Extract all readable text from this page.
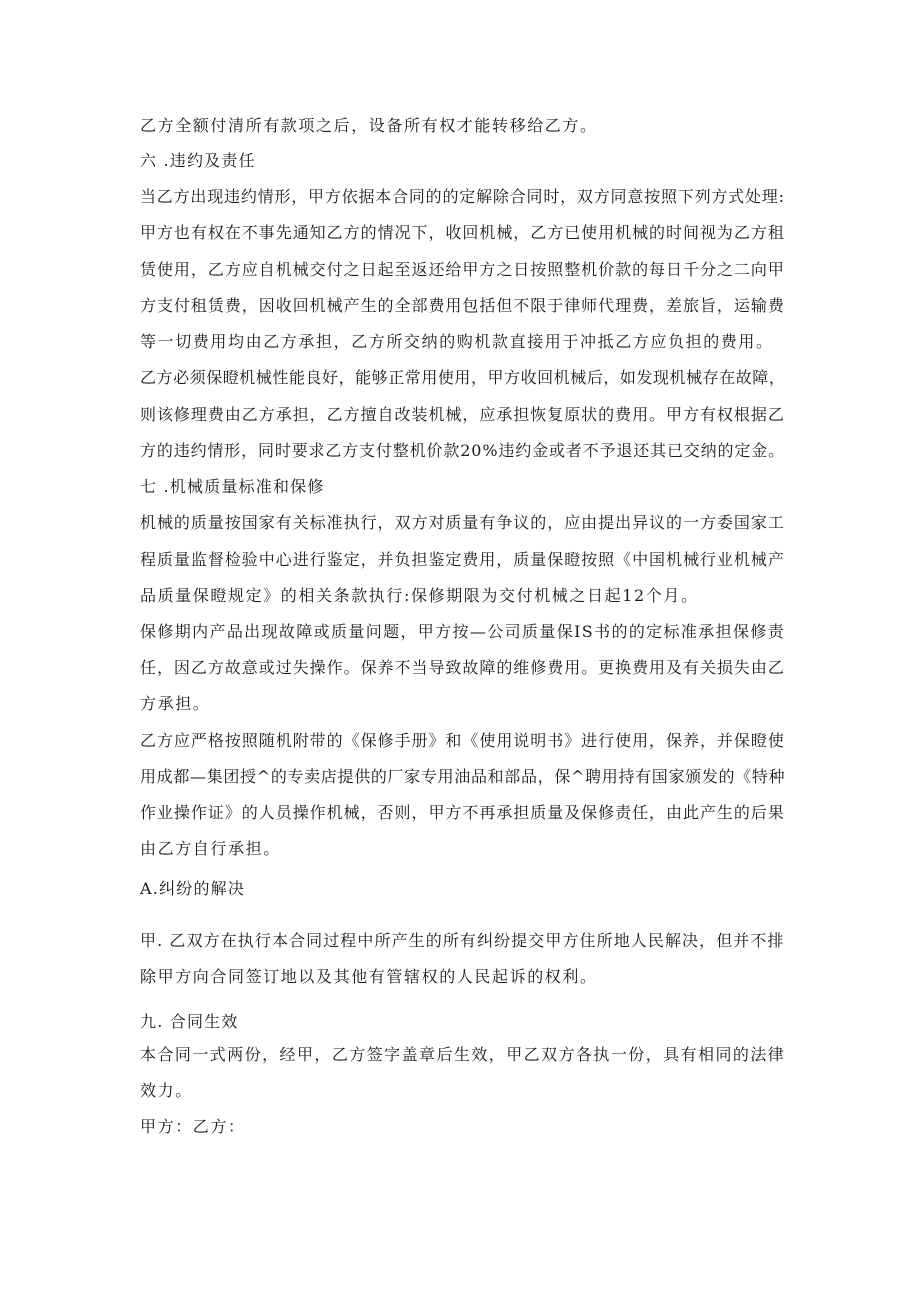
乙方全额付清所有款项之后，设备所有权才能转移给乙方。
六 .违约及责任
当乙方出现违约情形，甲方依据本合同的的定解除合同时，双方同意按照下列方式处理:
甲方也有权在不事先通知乙方的情况下，收回机械，乙方已使用机械的时间视为乙方租
赁使用，乙方应自机械交付之日起至返还给甲方之日按照整机价款的每日千分之二向甲
方支付租赁费，因收回机械产生的全部费用包括但不限于律师代理费，差旅旨，运输费
等一切费用均由乙方承担，乙方所交纳的购机款直接用于冲抵乙方应负担的费用。
乙方必须保瞪机械性能良好，能够正常用使用，甲方收回机械后，如发现机械存在故障，
则该修理费由乙方承担，乙方擅自改装机械，应承担恢复原状的费用。甲方有权根据乙
方的违约情形，同时要求乙方支付整机价款20%违约金或者不予退还其已交纳的定金。
七 .机械质量标准和保修
机械的质量按国家有关标准执行，双方对质量有争议的，应由提出异议的一方委国家工
程质量监督检验中心进行鉴定，并负担鉴定费用，质量保瞪按照《中国机械行业机械产
品质量保瞪规定》的相关条款执行:保修期限为交付机械之日起12个月。
保修期内产品出现故障或质量问题，甲方按—公司质量保IS书的的定标准承担保修责
任，因乙方故意或过失操作。保养不当导致故障的维修费用。更换费用及有关损失由乙
方承担。
乙方应严格按照随机附带的《保修手册》和《使用说明书》进行使用，保养，并保瞪使
用成都—集团授^的专卖店提供的厂家专用油品和部品，保^聘用持有国家颁发的《特种
作业操作证》的人员操作机械，否则，甲方不再承担质量及保修责任，由此产生的后果
由乙方自行承担。
A.纠纷的解决
甲. 乙双方在执行本合同过程中所产生的所有纠纷提交甲方住所地人民解决，但并不排
除甲方向合同签订地以及其他有管辖权的人民起诉的权利。
九. 合同生效
本合同一式两份，经甲，乙方签字盖章后生效，甲乙双方各执一份，具有相同的法律
效力。
甲方：乙方：
